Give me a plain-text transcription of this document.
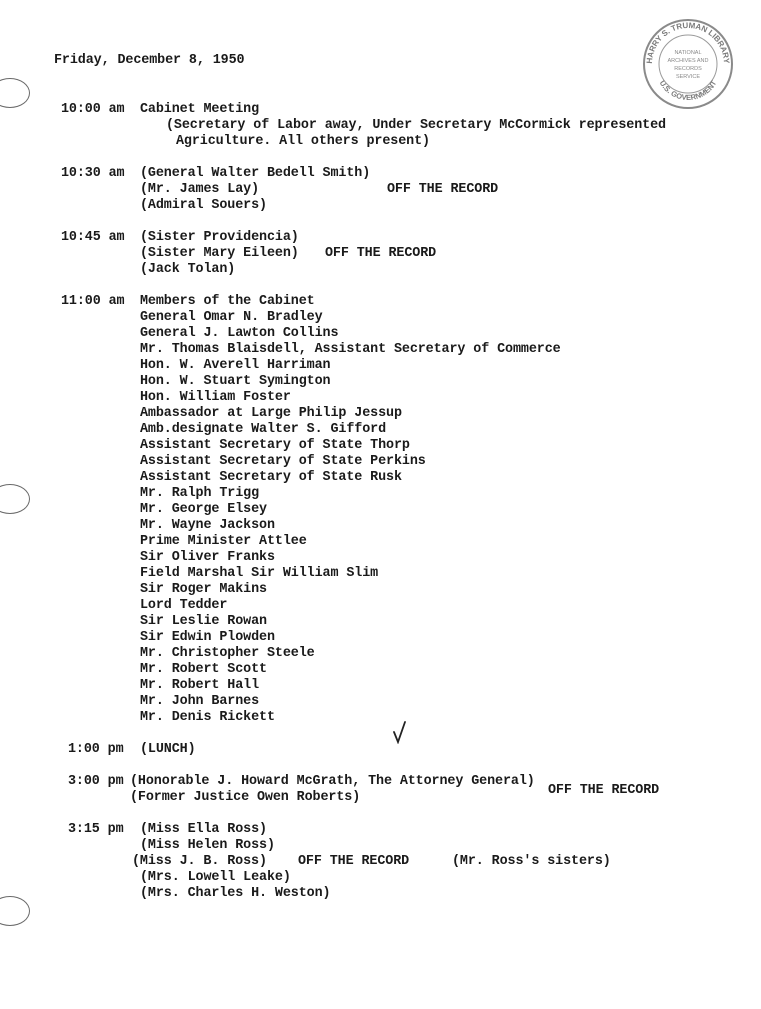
HARRY S. TRUMAN LIBRARY
U.S. GOVERNMENT
NATIONAL
ARCHIVES AND
RECORDS
SERVICE
Friday, December 8, 1950
10:00 am Cabinet Meeting
(Secretary of Labor away, Under Secretary McCormick represented
Agriculture. All others present)
10:30 am (General Walter Bedell Smith)
(Mr. James Lay)
(Admiral Souers)
OFF THE RECORD
10:45 am (Sister Providencia)
(Sister Mary Eileen)
(Jack Tolan)
OFF THE RECORD
11:00 am Members of the Cabinet
General Omar N. Bradley
General J. Lawton Collins
Mr. Thomas Blaisdell, Assistant Secretary of Commerce
Hon. W. Averell Harriman
Hon. W. Stuart Symington
Hon. William Foster
Ambassador at Large Philip Jessup
Amb.designate Walter S. Gifford
Assistant Secretary of State Thorp
Assistant Secretary of State Perkins
Assistant Secretary of State Rusk
Mr. Ralph Trigg
Mr. George Elsey
Mr. Wayne Jackson
Prime Minister Attlee
Sir Oliver Franks
Field Marshal Sir William Slim
Sir Roger Makins
Lord Tedder
Sir Leslie Rowan
Sir Edwin Plowden
Mr. Christopher Steele
Mr. Robert Scott
Mr. Robert Hall
Mr. John Barnes
Mr. Denis Rickett
1:00 pm (LUNCH)
3:00 pm (Honorable J. Howard McGrath, The Attorney General)
(Former Justice Owen Roberts)	OFF THE RECORD
3:15 pm (Miss Ella Ross)
(Miss Helen Ross)
(Miss J. B. Ross)
(Mrs. Lowell Leake)
(Mrs. Charles H. Weston)
OFF THE RECORD	(Mr. Ross's sisters)
